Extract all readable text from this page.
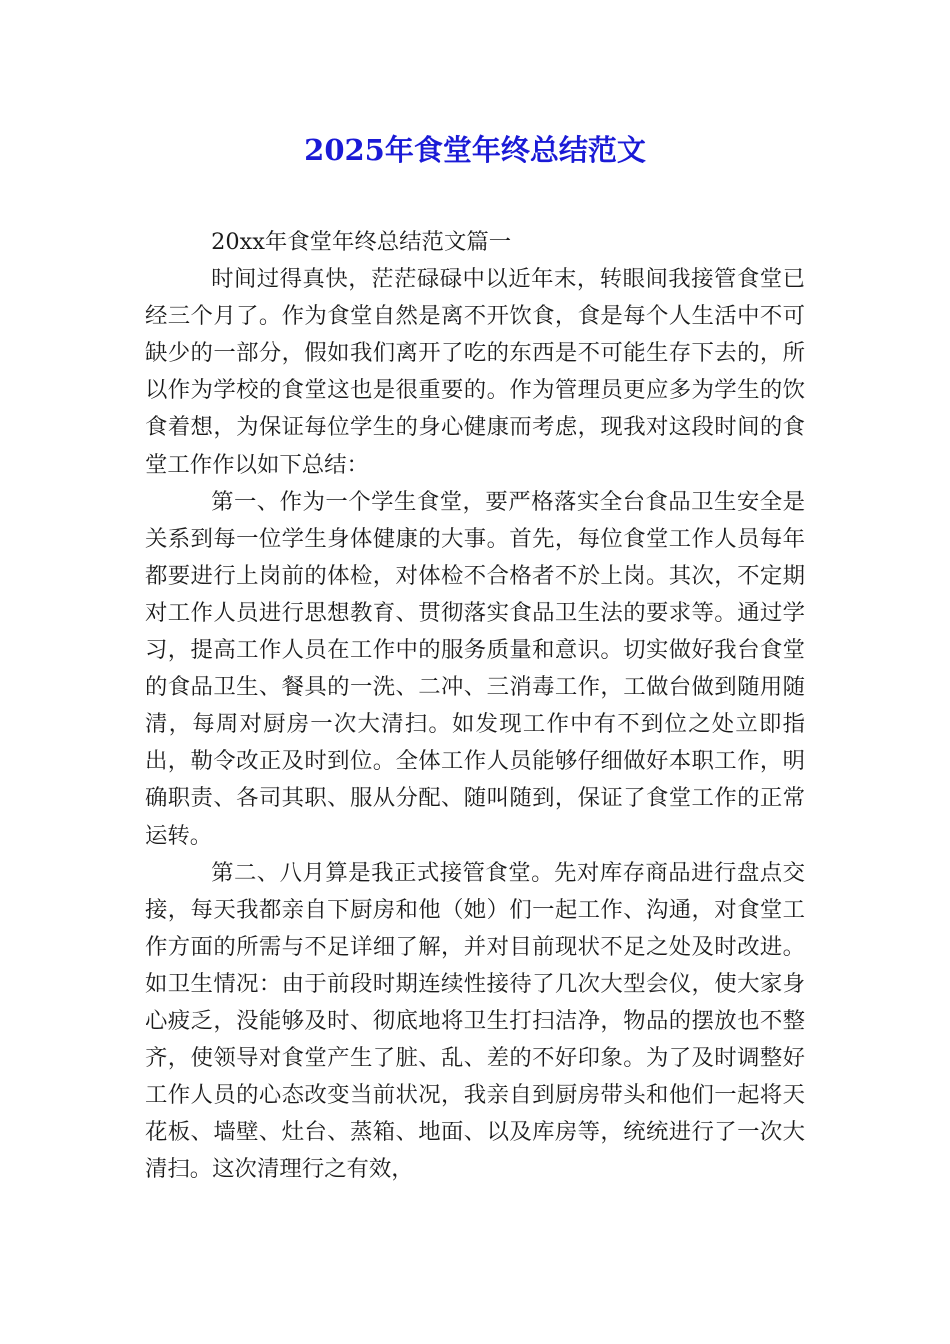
2025年食堂年终总结范文

20xx年食堂年终总结范文篇一

时间过得真快，茫茫碌碌中以近年末，转眼间我接管食堂已经三个月了。作为食堂自然是离不开饮食，食是每个人生活中不可缺少的一部分，假如我们离开了吃的东西是不可能生存下去的，所以作为学校的食堂这也是很重要的。作为管理员更应多为学生的饮食着想，为保证每位学生的身心健康而考虑，现我对这段时间的食堂工作作以如下总结：

第一、作为一个学生食堂，要严格落实全台食品卫生安全是关系到每一位学生身体健康的大事。首先，每位食堂工作人员每年都要进行上岗前的体检，对体检不合格者不於上岗。其次，不定期对工作人员进行思想教育、贯彻落实食品卫生法的要求等。通过学习，提高工作人员在工作中的服务质量和意识。切实做好我台食堂的食品卫生、餐具的一洗、二冲、三消毒工作，工做台做到随用随清，每周对厨房一次大清扫。如发现工作中有不到位之处立即指出，勒令改正及时到位。全体工作人员能够仔细做好本职工作，明确职责、各司其职、服从分配、随叫随到，保证了食堂工作的正常运转。

第二、八月算是我正式接管食堂。先对库存商品进行盘点交接，每天我都亲自下厨房和他（她）们一起工作、沟通，对食堂工作方面的所需与不足详细了解，并对目前现状不足之处及时改进。如卫生情况：由于前段时期连续性接待了几次大型会仪，使大家身心疲乏，没能够及时、彻底地将卫生打扫洁净，物品的摆放也不整齐，使领导对食堂产生了脏、乱、差的不好印象。为了及时调整好工作人员的心态改变当前状况，我亲自到厨房带头和他们一起将天花板、墙壁、灶台、蒸箱、地面、以及库房等，统统进行了一次大清扫。这次清理行之有效，
